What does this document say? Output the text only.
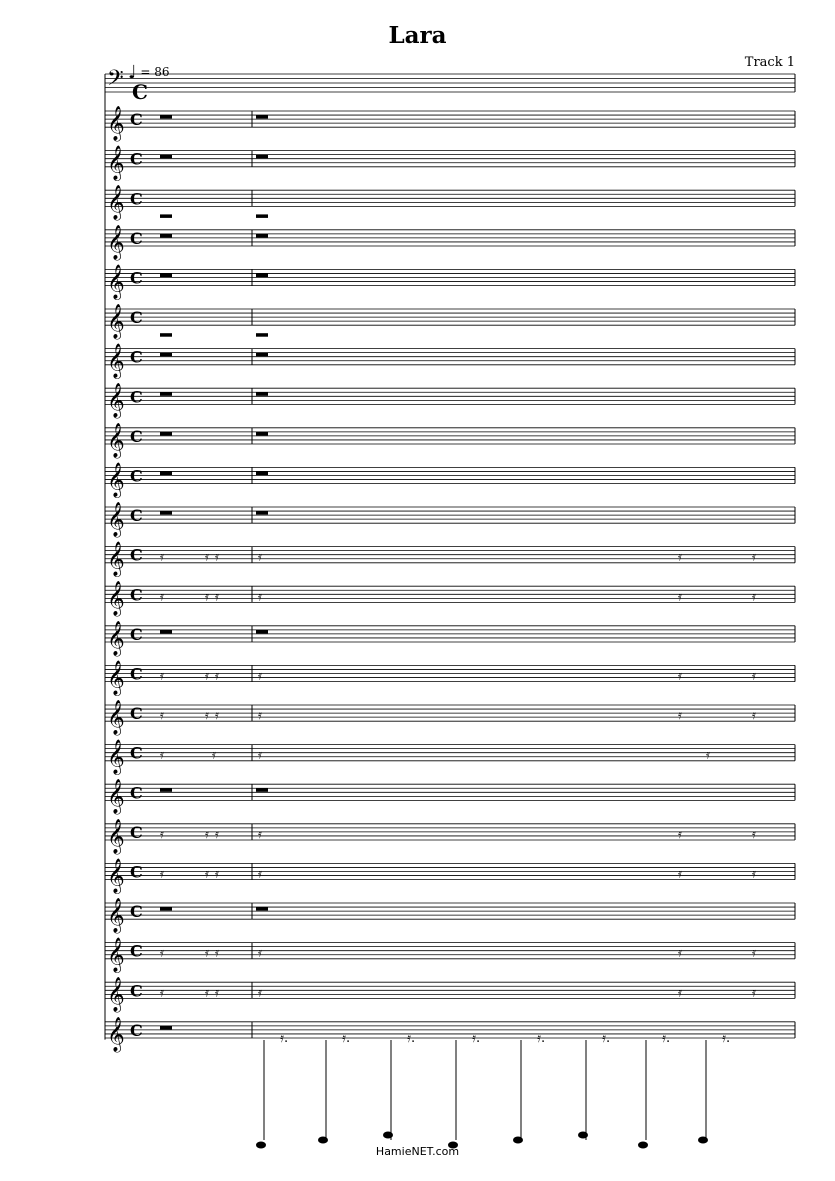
Lara
Track 1
♩ = 86
𝄢 C
𝄞 C
𝄞 C
𝄞 C
𝄞 C
𝄞 C
𝄞 C
𝄞 C
𝄞 C
𝄞 C
𝄞 C
𝄞 C
𝄞 C 𝄿	𝄿 𝄿	𝄿	𝄿	𝄿
𝄞 C 𝄿	𝄿 𝄿	𝄿	𝄿	𝄿
𝄞 C
𝄞 C 𝄿	𝄿 𝄿	𝄿	𝄿	𝄿
𝄞 C 𝄿	𝄿 𝄿	𝄿	𝄿	𝄿
𝄞 C 𝄿	𝄿	𝄿	𝄿
𝄞 C
𝄞 C 𝄿	𝄿 𝄿	𝄿	𝄿	𝄿
𝄞 C 𝄿	𝄿 𝄿	𝄿	𝄿	𝄿
𝄞 C
𝄞 C 𝄿	𝄿 𝄿	𝄿	𝄿	𝄿
𝄞 C 𝄿	𝄿 𝄿	𝄿	𝄿	𝄿
𝄞 C	𝄿.	𝄿.	𝄿.	𝄿.	𝄿.	𝄿.	𝄿.	𝄿.
HamieNET.com
